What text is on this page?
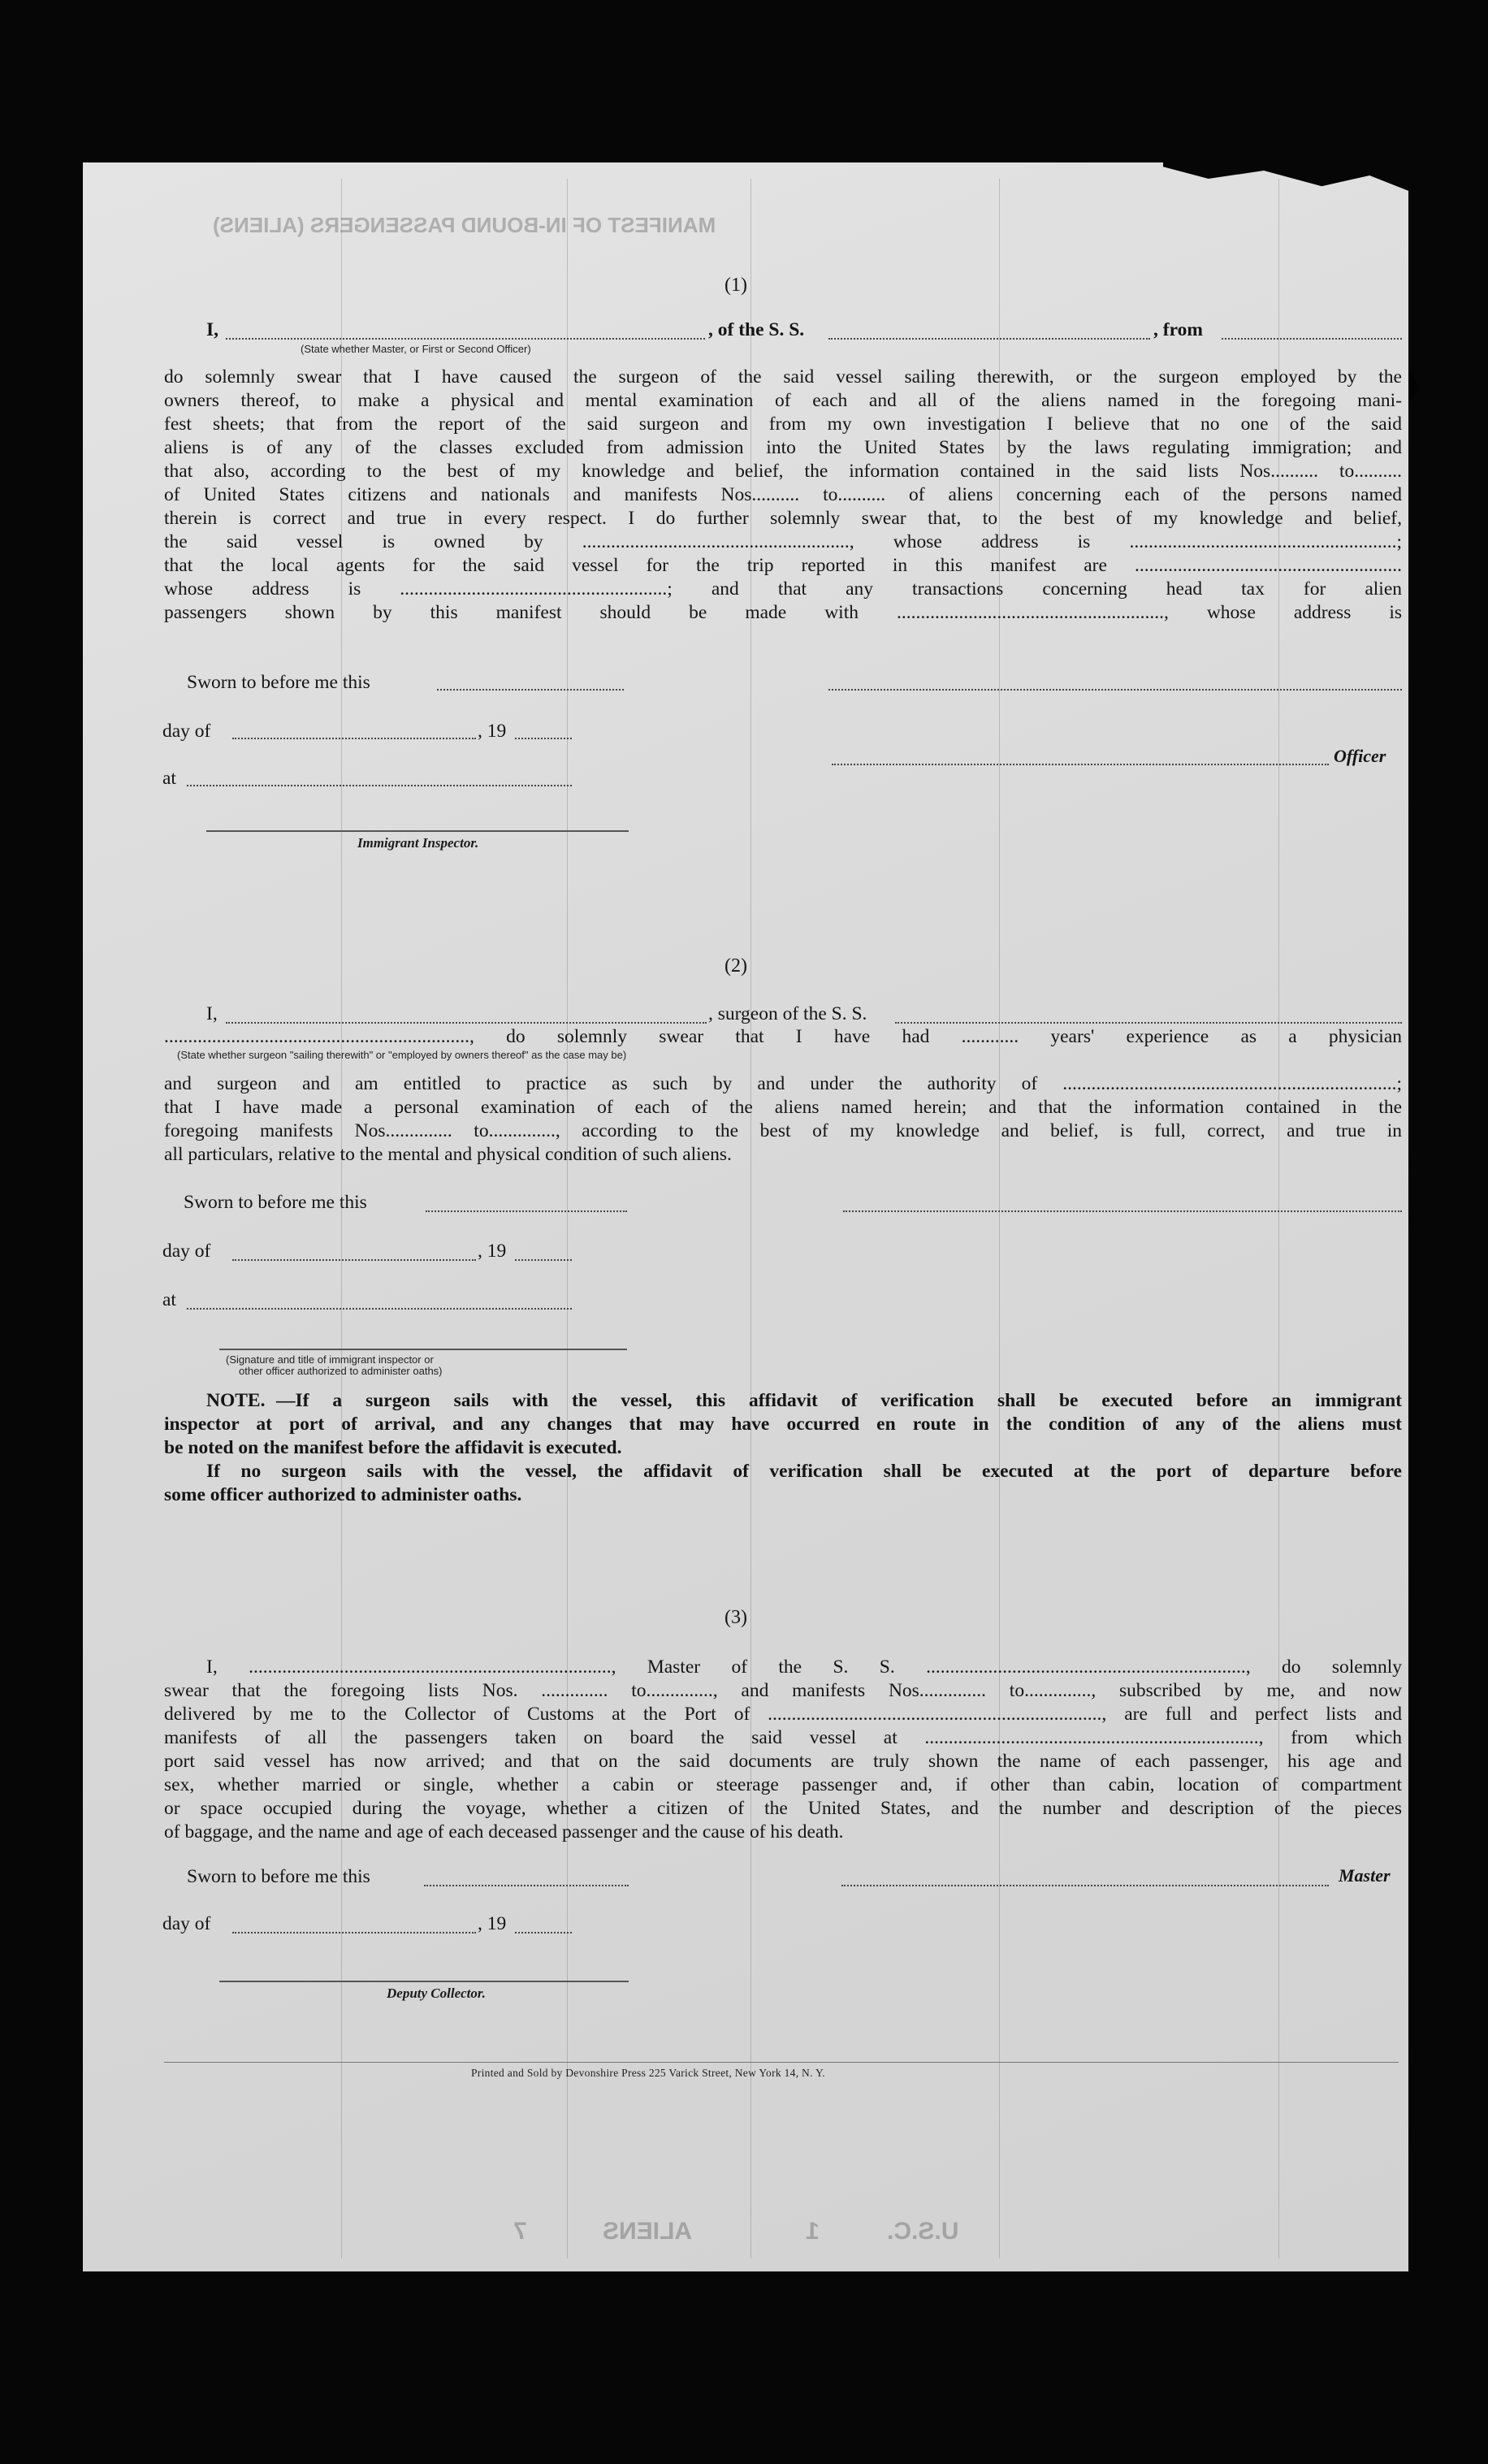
MANIFEST OF IN-BOUND PASSENGERS (ALIENS)
U.S.C.
1
ALIENS
7
(1)
I,
(State whether Master, or First or Second Officer)
, of the S. S.	, from
do solemnly swear that I have caused the surgeon of the said vessel sailing therewith, or the surgeon employed by the
owners thereof, to make a physical and mental examination of each and all of the aliens named in the foregoing mani-
fest sheets; that from the report of the said surgeon and from my own investigation I believe that no one of the said
aliens is of any of the classes excluded from admission into the United States by the laws regulating immigration; and
that also, according to the best of my knowledge and belief, the information contained in the said lists Nos.......... to..........
of United States citizens and nationals and manifests Nos.......... to.......... of aliens concerning each of the persons named
therein is correct and true in every respect. I do further solemnly swear that, to the best of my knowledge and belief,
the said vessel is owned by ........................................................, whose address is ........................................................;
that the local agents for the said vessel for the trip reported in this manifest are ........................................................
whose address is ........................................................; and that any transactions concerning head tax for alien
passengers shown by this manifest should be made with ........................................................, whose address is
Sworn to before me this
day of	, 19
Officer
at
Immigrant Inspector.
(2)
I,	, surgeon of the S. S.
................................................................, do solemnly swear that I have had ............ years' experience as a physician
(State whether surgeon "sailing therewith" or "employed by owners thereof" as the case may be)
and surgeon and am entitled to practice as such by and under the authority of ......................................................................;
that I have made a personal examination of each of the aliens named herein; and that the information contained in the
foregoing manifests Nos.............. to.............., according to the best of my knowledge and belief, is full, correct, and true in
all particulars, relative to the mental and physical condition of such aliens.
Sworn to before me this
day of	, 19
at
(Signature and title of immigrant inspector or
other officer authorized to administer oaths)
NOTE. —If a surgeon sails with the vessel, this affidavit of verification shall be executed before an immigrant
inspector at port of arrival, and any changes that may have occurred en route in the condition of any of the aliens must
be noted on the manifest before the affidavit is executed.
If no surgeon sails with the vessel, the affidavit of verification shall be executed at the port of departure before
some officer authorized to administer oaths.
(3)
I, ............................................................................, Master of the S. S. ..................................................................., do solemnly
swear that the foregoing lists Nos. .............. to.............., and manifests Nos.............. to.............., subscribed by me, and now
delivered by me to the Collector of Customs at the Port of ......................................................................, are full and perfect lists and
manifests of all the passengers taken on board the said vessel at ......................................................................, from which
port said vessel has now arrived; and that on the said documents are truly shown the name of each passenger, his age and
sex, whether married or single, whether a cabin or steerage passenger and, if other than cabin, location of compartment
or space occupied during the voyage, whether a citizen of the United States, and the number and description of the pieces
of baggage, and the name and age of each deceased passenger and the cause of his death.
Sworn to before me this	Master
day of	, 19
Deputy Collector.
Printed and Sold by Devonshire Press 225 Varick Street, New York 14, N. Y.
